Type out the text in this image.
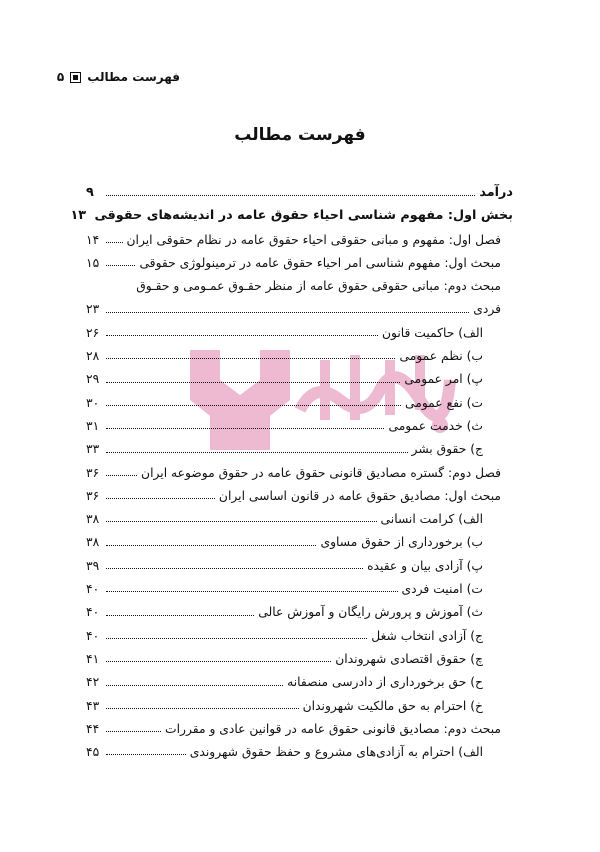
فهرست مطالب
۵
فهرست مطالب
درآمد
۹
بخش اول: مفهوم شناسی احیاء حقوق عامه در اندیشه‌های حقوقی
۱۳
فصل اول: مفهوم و مبانی حقوقی احیاء حقوق عامه در نظام حقوقی ایران
۱۴
مبحث اول: مفهوم شناسی امر احیاء حقوق عامه در ترمینولوژی حقوقی
۱۵
مبحث دوم: مبانی حقوقی حقوق عامه از منظر حقـوق عمـومی و حقـوق
فردی
۲۳
الف) حاکمیت قانون
۲۶
ب) نظم عمومی
۲۸
پ) امر عمومی
۲۹
ت) نفع عمومی
۳۰
ث) خدمت عمومی
۳۱
ج) حقوق بشر
۳۳
فصل دوم: گستره مصادیق قانونی حقوق عامه در حقوق موضوعه ایران
۳۶
مبحث اول: مصادیق حقوق عامه در قانون اساسی ایران
۳۶
الف) کرامت انسانی
۳۸
ب) برخورداری از حقوق مساوی
۳۸
پ) آزادی بیان و عقیده
۳۹
ت) امنیت فردی
۴۰
ث) آموزش و پرورش رایگان و آموزش عالی
۴۰
ج) آزادی انتخاب شغل
۴۰
چ) حقوق اقتصادی شهروندان
۴۱
ح) حق برخورداری از دادرسی منصفانه
۴۲
خ) احترام به حق مالکیت شهروندان
۴۳
مبحث دوم: مصادیق قانونی حقوق عامه در قوانین عادی و مقررات
۴۴
الف) احترام به آزادی‌های مشروع و حفظ حقوق شهروندی
۴۵
